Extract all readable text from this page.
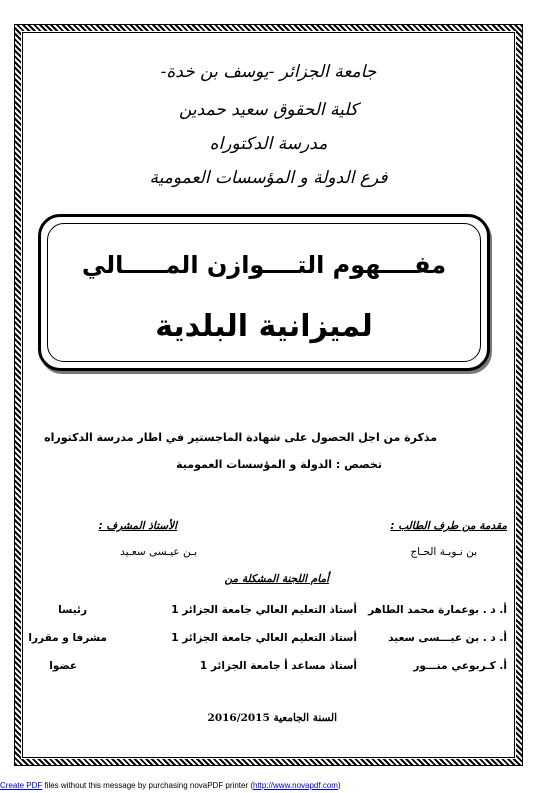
جامعة الجزائر -يوسف بن خدة-
كلية الحقوق سعيد حمدين
مدرسة الدكتوراه
فرع الدولة و المؤسسات العمومية
مفــــهوم التــــوازن المـــــالي
لميزانية البلدية
مذكرة من اجل الحصول على شهادة الماجستير في اطار مدرسة الدكتوراه
تخصص : الدولة و المؤسسات العمومية
مقدمة من طرف الطالب :
بن نـوبـة الحـاج
الأستاذ المشرف :
بـن عيـسى سعـيد
أمام اللجنة المشكلة من
أ. د . بوعمارة محمد الطاهر
أستاذ التعليم العالي جامعة الجزائر 1
رئيسا
أ. د . بن عيـــسى سعيد
أستاذ التعليم العالي جامعة الجزائر 1
مشرفا و مقررا
أ. كـربوعي منـــور
أستاذ مساعد أ جامعة الجزائر 1
عضوا
السنة الجامعية 2016/2015
Create PDF files without this message by purchasing novaPDF printer (http://www.novapdf.com)
